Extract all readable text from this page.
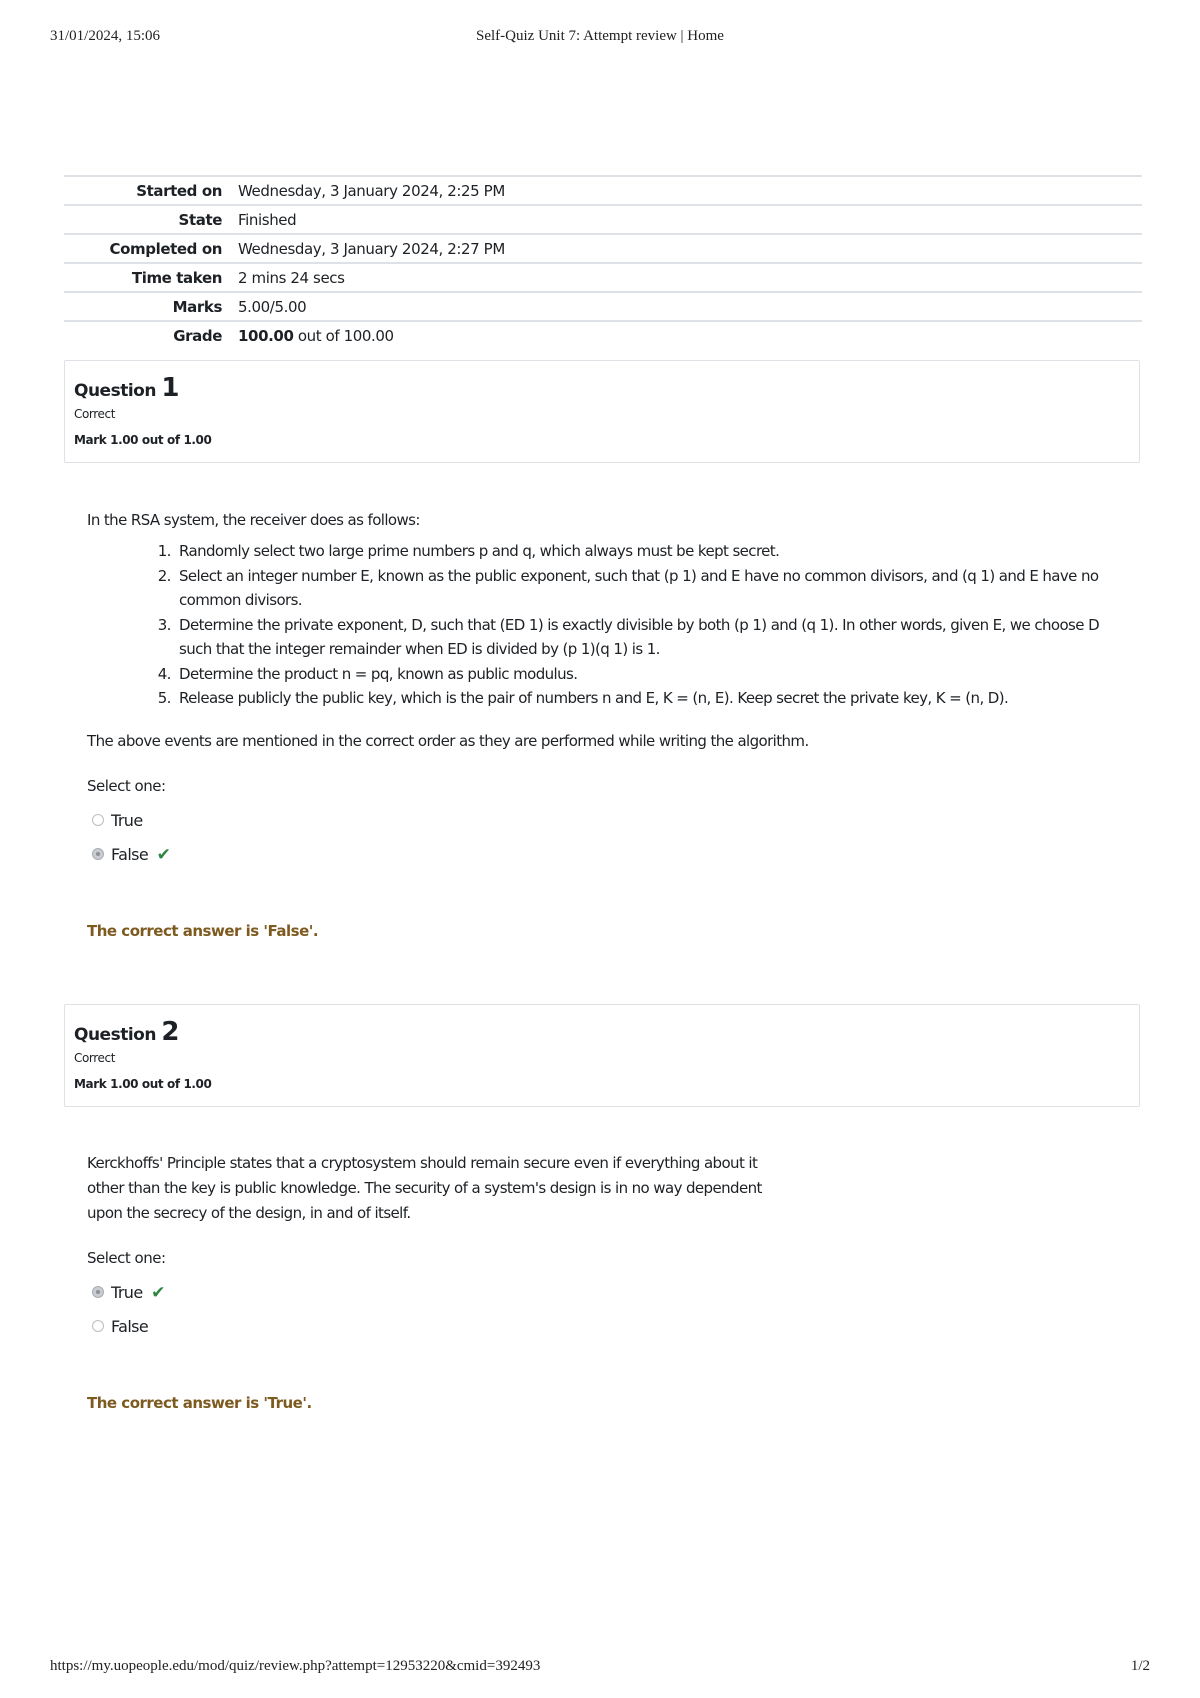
31/01/2024, 15:06	Self-Quiz Unit 7: Attempt review | Home
Started on	Wednesday, 3 January 2024, 2:25 PM
State	Finished
Completed on	Wednesday, 3 January 2024, 2:27 PM
Time taken	2 mins 24 secs
Marks	5.00/5.00
Grade	100.00 out of 100.00
Question 1
Correct
Mark 1.00 out of 1.00

In the RSA system, the receiver does as follows:

1. Randomly select two large prime numbers p and q, which always must be kept secret.
2. Select an integer number E, known as the public exponent, such that (p 1) and E have no common divisors, and (q 1) and E have no common divisors.
3. Determine the private exponent, D, such that (ED 1) is exactly divisible by both (p 1) and (q 1). In other words, given E, we choose D such that the integer remainder when ED is divided by (p 1)(q 1) is 1.
4. Determine the product n = pq, known as public modulus.
5. Release publicly the public key, which is the pair of numbers n and E, K = (n, E). Keep secret the private key, K = (n, D).

The above events are mentioned in the correct order as they are performed while writing the algorithm.

Select one:

True
False ✔

The correct answer is 'False'.

Question 2
Correct
Mark 1.00 out of 1.00

Kerckhoffs' Principle states that a cryptosystem should remain secure even if everything about it

other than the key is public knowledge. The security of a system's design is in no way dependent

upon the secrecy of the design, in and of itself.

Select one:

True ✔
False

The correct answer is 'True'.

https://my.uopeople.edu/mod/quiz/review.php?attempt=12953220&cmid=392493	1/2
